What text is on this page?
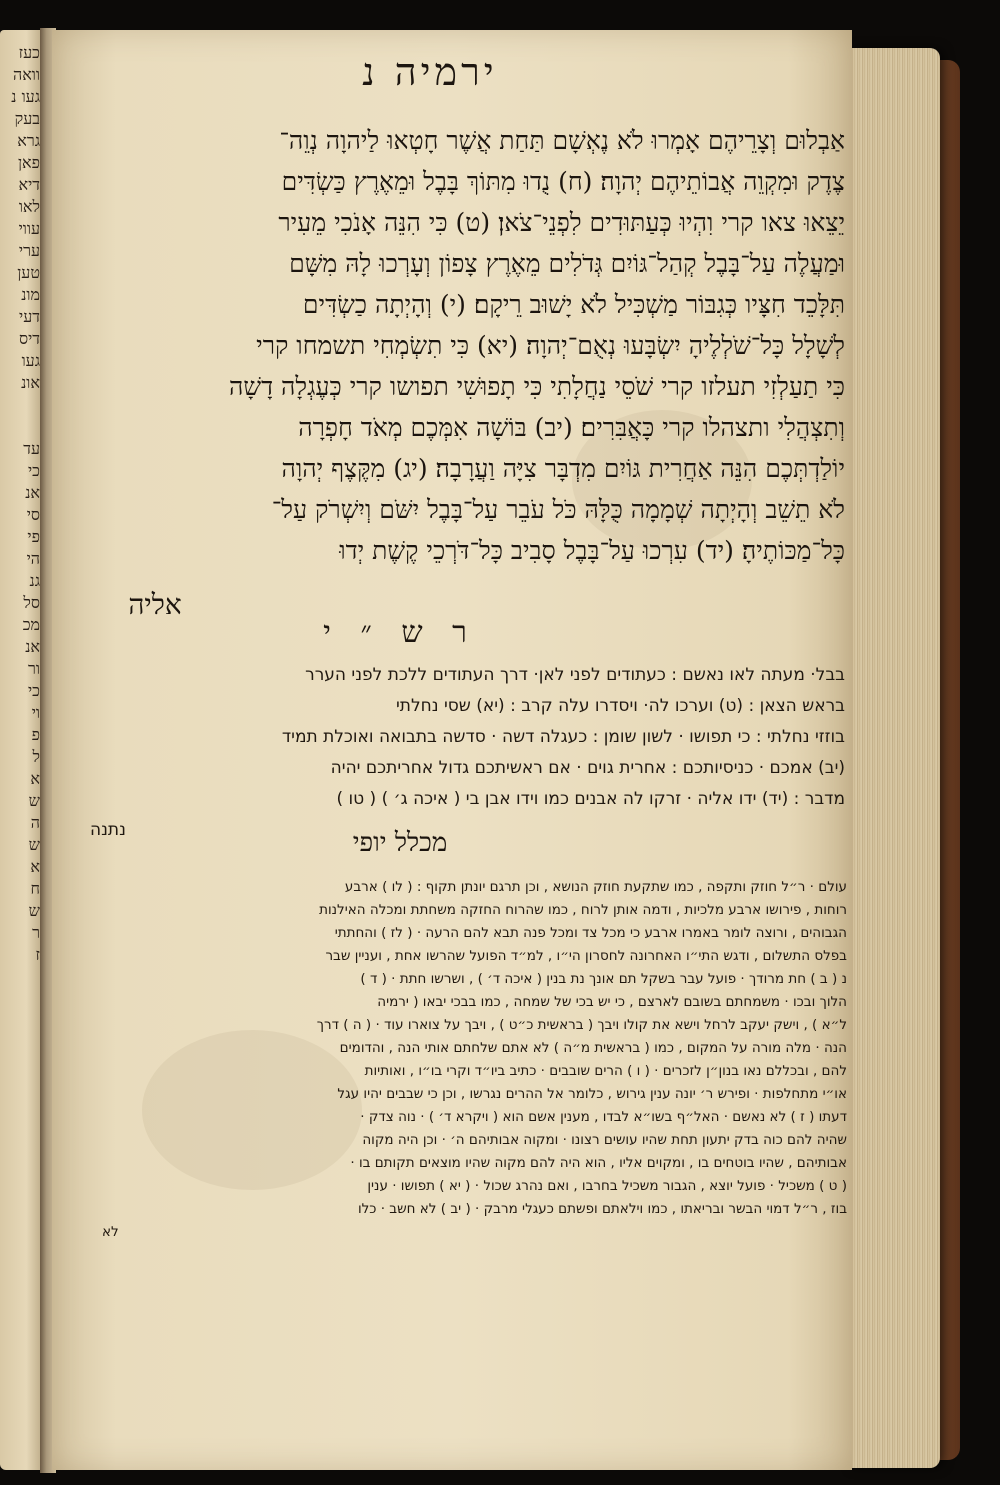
כעז
וואה
געו נ
בעק
גרא
פאן
דיא
לאו
עווי
ערי
טען
מונ
דעי
דיס
געו
אונ

עד
כי
אנ
סי
פי
הי
גנ
סל
מכ
אנ
ור
כי
וי
פ
ל
א
ש
ה
ש
א
ח
ש
ר
ז
ירמיה נ
אַבְלוּם וְצָרֵיהֶם אָמְרוּ לֹא נֶאְשָׁם תַּחַת אֲשֶׁר חָטְאוּ לַיהוָה נְוֵה־
צֶדֶק וּמִקְוֵה אֲבוֹתֵיהֶם יְהוָה׃ (ח) נֻדוּ מִתּוֹךְ בָּבֶל וּמֵאֶרֶץ כַּשְׂדִּים
יֵצֵאוּ צאו קרי וִהְיוּ כְּעַתּוּדִים לִפְנֵי־צֹאן׃ (ט) כִּי הִנֵּה אָנֹכִי מֵעִיר
וּמַעֲלֶה עַל־בָּבֶל קְהַל־גּוֹיִם גְּדֹלִים מֵאֶרֶץ צָפוֹן וְעָרְכוּ לָהּ מִשָּׁם
תִּלָּכֵד חִצָּיו כְּגִבּוֹר מַשְׁכִּיל לֹא יָשׁוּב רֵיקָם׃ (י) וְהָיְתָה כַשְׂדִּים
לְשָׁלָל כָּל־שֹׁלְלֶיהָ יִשְׂבָּעוּ נְאֻם־יְהוָה׃ (יא) כִּי תִשְׂמְחִי תשמחו קרי
כִּי תַעַלְזִי תעלזו קרי שֹׁסֵי נַחֲלָתִי כִּי תָפוּשִׁי תפושו קרי כְּעֶגְלָה דָשָׁה
וְתִצְהֲלִי ותצהלו קרי כָּאֲבִּרִים׃ (יב) בּוֹשָׁה אִמְּכֶם מְאֹד חָפְרָה
יוֹלַדְתְּכֶם הִנֵּה אַחֲרִית גּוֹיִם מִדְבָּר צִיָּה וַעֲרָבָה׃ (יג) מִקֶּצֶף יְהוָה
לֹא תֵשֵׁב וְהָיְתָה שְׁמָמָה כֻּלָּהּ כֹּל עֹבֵר עַל־בָּבֶל יִשֹּׁם וְיִשְׁרֹק עַל־
כָּל־מַכּוֹתֶיהָ׃ (יד) עִרְכוּ עַל־בָּבֶל סָבִיב כָּל־דֹּרְכֵי קֶשֶׁת יְדוּ
אליה
ר ש ״ י
בבל· מעתה לאו נאשם : כעתודים לפני לאן· דרך העתודים ללכת לפני הערר
בראש הצאן : (ט) וערכו לה· ויסדרו עלה קרב : (יא) שסי נחלתי
בוזזי נחלתי : כי תפושו · לשון שומן : כעגלה דשה · סדשה בתבואה ואוכלת תמיד
(יב) אמכם · כניסיותכם : אחרית גוים · אם ראשיתכם גדול אחריתכם יהיה
מדבר : (יד) ידו אליה · זרקו לה אבנים כמו וידו אבן בי ( איכה ג׳ ) ( טו )
נתנה	מכלל יופי
עולם · ר״ל חוזק ותקפה , כמו שתקעת חוזק הנושא , וכן תרגם יונתן תקוף : ( לו ) ארבע
רוחות , פירושו ארבע מלכיות , ודמה אותן לרוח , כמו שהרוח החזקה משחתת ומכלה האילנות
הגבוהים , ורוצה לומר באמרו ארבע כי מכל צד ומכל פנה תבא להם הרעה · ( לז ) והחתתי
בפלס התשלום , ודגש התי״ו האחרונה לחסרון הי״ו , למ״ד הפועל שהרשו אחת , ועניין שבר
נ ( ב ) חת מרודך · פועל עבר בשקל תם אונך נת בנין ( איכה ד׳ ) , ושרשו חתת · ( ד )
הלוך ובכו · משמחתם בשובם לארצם , כי יש בכי של שמחה , כמו בבכי יבאו ( ירמיה
ל״א ) , וישק יעקב לרחל וישא את קולו ויבך ( בראשית כ״ט ) , ויבך על צוארו עוד · ( ה ) דרך
הנה · מלה מורה על המקום , כמו ( בראשית מ״ה ) לא אתם שלחתם אותי הנה , והדומים
להם , ובכללם נאו בנון״ן לזכרים · ( ו ) הרים שובבים · כתיב ביו״ד וקרי בו״ו , ואותיות
או״י מתחלפות · ופירש ר׳ יונה ענין גירוש , כלומר אל ההרים נגרשו , וכן כי שבבים יהיו עגל
דעתו ( ז ) לא נאשם · האל״ף בשו״א לבדו , מענין אשם הוא ( ויקרא ד׳ ) · נוה צדק ·
שהיה להם כוה בדק יתעון תחת שהיו עושים רצונו · ומקוה אבותיהם ה׳ · וכן היה מקוה
אבותיהם , שהיו בוטחים בו , ומקוים אליו , הוא היה להם מקוה שהיו מוצאים תקותם בו ·
( ט ) משכיל · פועל יוצא , הגבור משכיל בחרבו , ואם נהרג שכול · ( יא ) תפושו · ענין
בוז , ר״ל דמוי הבשר ובריאתו , כמו וילאתם ופשתם כעגלי מרבק · ( יב ) לא חשב · כלו
לא
